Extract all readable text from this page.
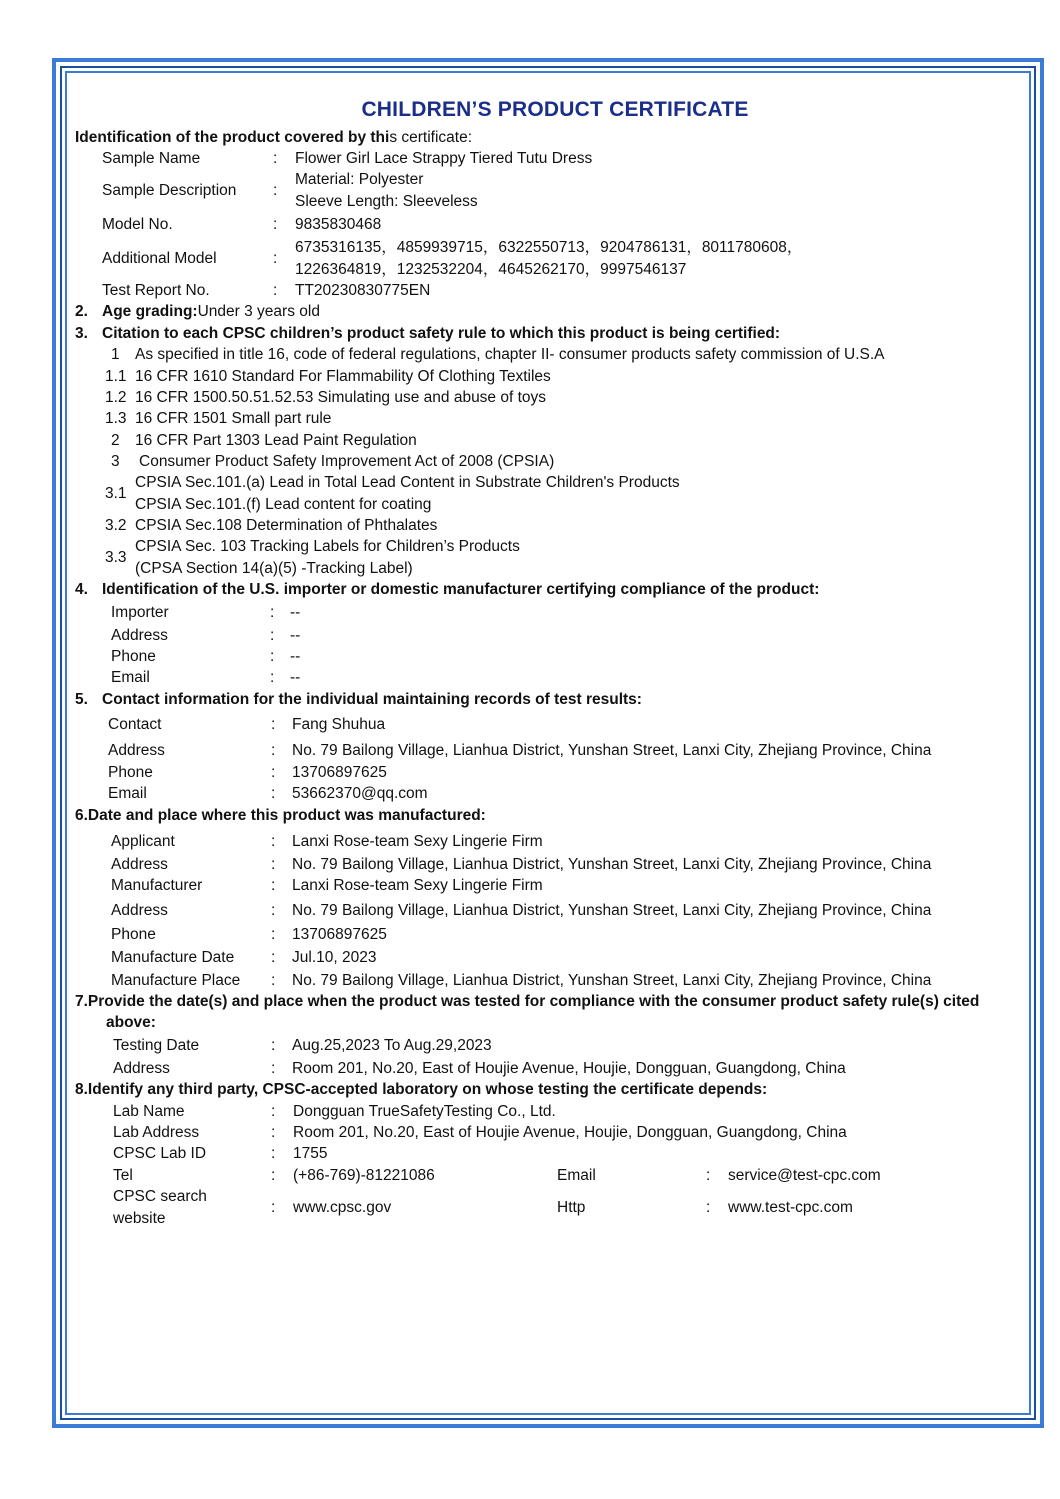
CHILDREN’S PRODUCT CERTIFICATE
Identification of the product covered by this certificate:
Sample Name	: Flower Girl Lace Strappy Tiered Tutu Dress
Sample Description :
Material: Polyester
Sleeve Length: Sleeveless
Model No.	: 9835830468
Additional Model	:
6735316135，4859939715，6322550713，9204786131，8011780608，
1226364819，1232532204，4645262170，9997546137
Test Report No.	: TT20230830775EN
2. Age grading:Under 3 years old
3. Citation to each CPSC children’s product safety rule to which this product is being certified:
1 As specified in title 16, code of federal regulations, chapter II- consumer products safety commission of U.S.A
1.1 16 CFR 1610 Standard For Flammability Of Clothing Textiles
1.2 16 CFR 1500.50.51.52.53 Simulating use and abuse of toys
1.3 16 CFR 1501 Small part rule
2 16 CFR Part 1303 Lead Paint Regulation
3 Consumer Product Safety Improvement Act of 2008 (CPSIA)
3.1
CPSIA Sec.101.(a) Lead in Total Lead Content in Substrate Children's Products
CPSIA Sec.101.(f) Lead content for coating
3.2 CPSIA Sec.108 Determination of Phthalates
3.3
CPSIA Sec. 103 Tracking Labels for Children’s Products
(CPSA Section 14(a)(5) -Tracking Label)
4. Identification of the U.S. importer or domestic manufacturer certifying compliance of the product:
Importer	: --
Address	: --
Phone	: --
Email	: --
5. Contact information for the individual maintaining records of test results:
Contact	: Fang Shuhua
Address	: No. 79 Bailong Village, Lianhua District, Yunshan Street, Lanxi City, Zhejiang Province, China
Phone	: 13706897625
Email	: 53662370@qq.com
6.Date and place where this product was manufactured:
Applicant	: Lanxi Rose-team Sexy Lingerie Firm
Address	: No. 79 Bailong Village, Lianhua District, Yunshan Street, Lanxi City, Zhejiang Province, China
Manufacturer	: Lanxi Rose-team Sexy Lingerie Firm
Address	: No. 79 Bailong Village, Lianhua District, Yunshan Street, Lanxi City, Zhejiang Province, China
Phone	: 13706897625
Manufacture Date : Jul.10, 2023
Manufacture Place : No. 79 Bailong Village, Lianhua District, Yunshan Street, Lanxi City, Zhejiang Province, China
7.Provide the date(s) and place when the product was tested for compliance with the consumer product safety rule(s) cited
above:
Testing Date	: Aug.25,2023 To Aug.29,2023
Address	: Room 201, No.20, East of Houjie Avenue, Houjie, Dongguan, Guangdong, China
8.Identify any third party, CPSC-accepted laboratory on whose testing the certificate depends:
Lab Name	: Dongguan TrueSafetyTesting Co., Ltd.
Lab Address	: Room 201, No.20, East of Houjie Avenue, Houjie, Dongguan, Guangdong, China
CPSC Lab ID	: 1755
Tel	: (+86-769)-81221086	Email	: service@test-cpc.com
CPSC search
website
: www.cpsc.gov	Http	: www.test-cpc.com
